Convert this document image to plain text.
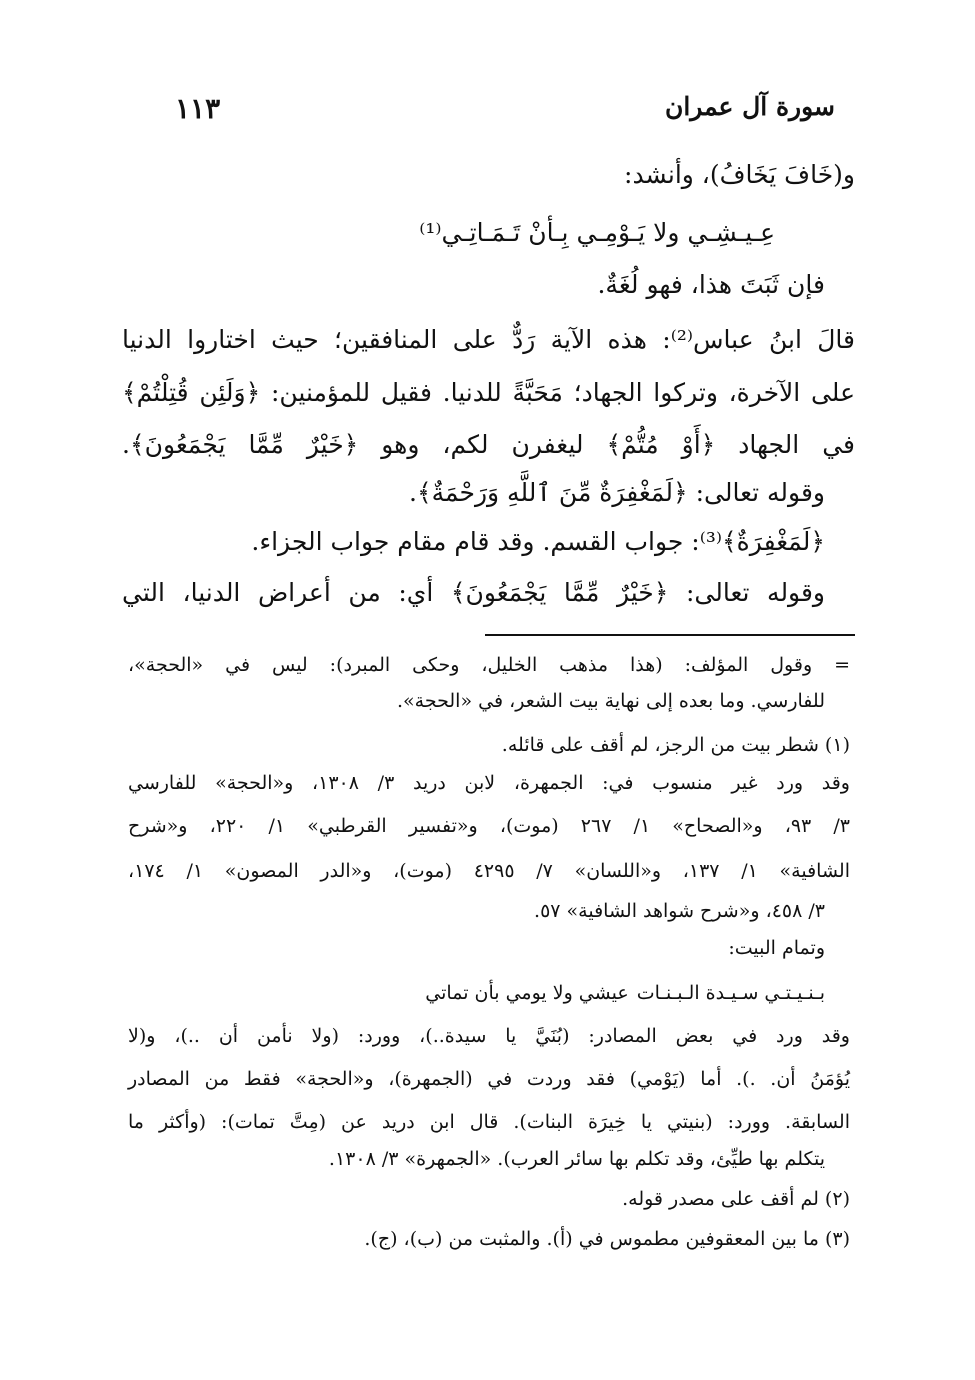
سورة آل عمران
١١٣
و(خَافَ يَخَافُ)، وأنشد:
عِـيـشِـي ولا يَـوْمِـي بِـأنْ تَـمَـاتِـي⁽¹⁾
فإن ثَبَتَ هذا، فهو لُغَةٌ.
قالَ ابنُ عباس⁽²⁾: هذه الآية رَدٌّ على المنافقين؛ حيث اختاروا الدنيا
على الآخرة، وتركوا الجهاد؛ مَحَبَّةً للدنيا. فقيل للمؤمنين: ﴿وَلَئِن قُتِلْتُمْ﴾
في الجهاد ﴿أَوْ مُتُّمْ﴾ ليغفرن لكم، وهو ﴿خَيْرٌ مِّمَّا يَجْمَعُونَ﴾.
وقوله تعالى: ﴿لَمَغْفِرَةٌ مِّنَ ٱللَّهِ وَرَحْمَةٌ﴾.
﴿لَمَغْفِرَةٌ﴾⁽³⁾: جواب القسم. وقد قام مقام جواب الجزاء.
وقوله تعالى: ﴿خَيْرٌ مِّمَّا يَجْمَعُونَ﴾ أي: من أعراض الدنيا، التي
= وقول المؤلف: (هذا مذهب الخليل، وحكى المبرد): ليس في «الحجة»،
للفارسي. وما بعده إلى نهاية بيت الشعر، في «الحجة».
(١) شطر بيت من الرجز، لم أقف على قائله.
وقد ورد غير منسوب في: الجمهرة، لابن دريد ٣/ ١٣٠٨، و«الحجة» للفارسي
٣/ ٩٣، و«الصحاح» ١/ ٢٦٧ (موت)، و«تفسير القرطبي» ١/ ٢٢٠، و«شرح
الشافية» ١/ ١٣٧، و«اللسان» ٧/ ٤٢٩٥ (موت)، و«الدر المصون» ١/ ١٧٤،
٣/ ٤٥٨، و«شرح شواهد الشافية» ٥٧.
وتمام البيت:
بـنـيـتـي سـيـدة الـبـنـات عيشي ولا يومي بأن تماتي
وقد ورد في بعض المصادر: (بُنَيَّ يا سيدة..)، وورد: (ولا نأمن أن ..)، و(لا
يُؤمَنُ أن. .). أما (يَوْمي) فقد وردت في (الجمهرة)، و«الحجة» فقط من المصادر
السابقة. وورد: (بنيتي يا خِيرَة البنات). قال ابن دريد عن (مِتَّ تمات): (وأكثر ما
يتكلم بها طيِّئ، وقد تكلم بها سائر العرب). «الجمهرة» ٣/ ١٣٠٨.
(٢) لم أقف على مصدر قوله.
(٣) ما بين المعقوفين مطموس في (أ). والمثبت من (ب)، (ج).
